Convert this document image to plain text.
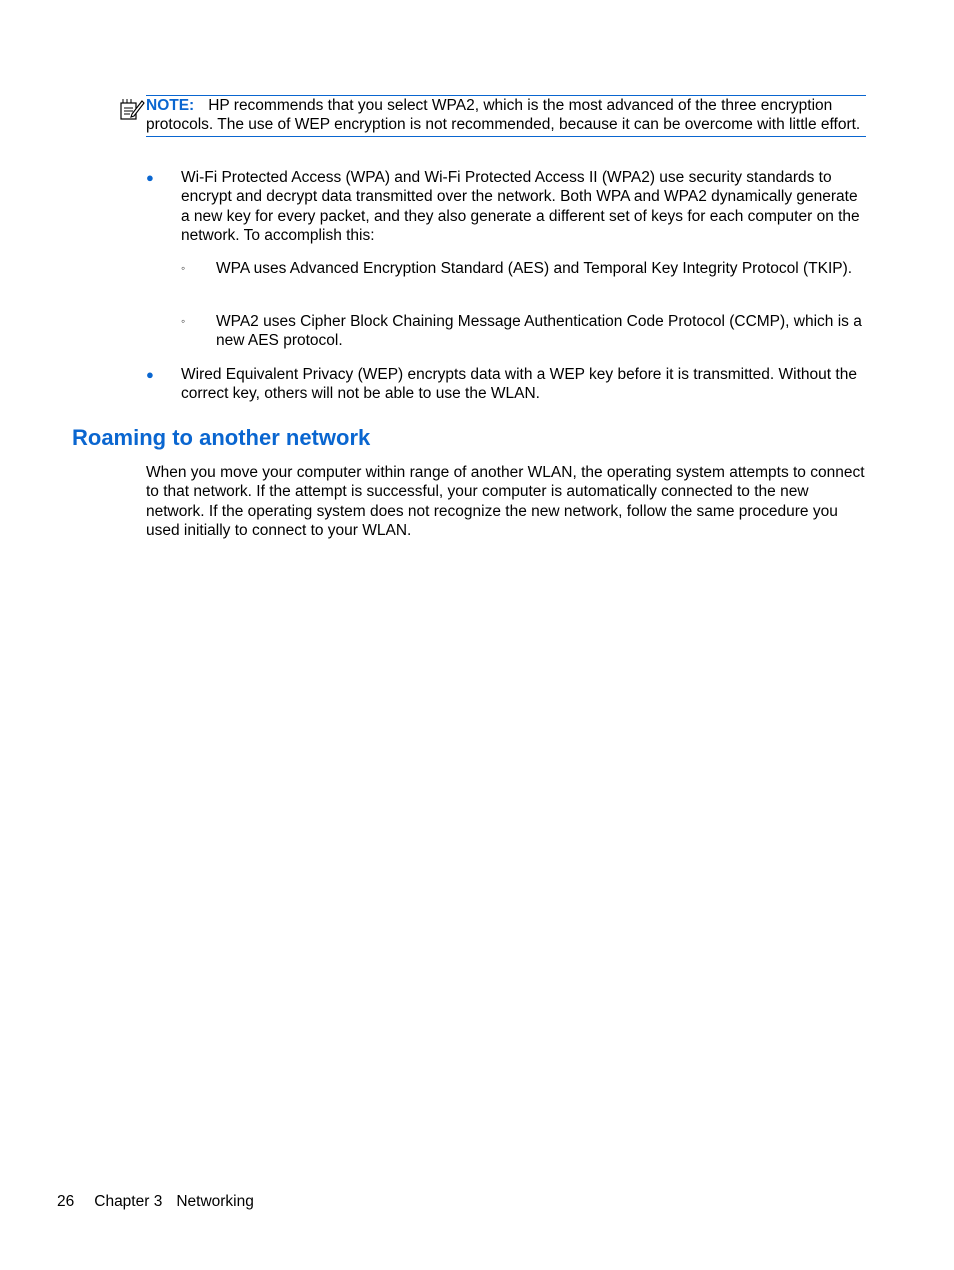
NOTE: HP recommends that you select WPA2, which is the most advanced of the three encryption protocols. The use of WEP encryption is not recommended, because it can be overcome with little effort.
● Wi-Fi Protected Access (WPA) and Wi-Fi Protected Access II (WPA2) use security standards to encrypt and decrypt data transmitted over the network. Both WPA and WPA2 dynamically generate a new key for every packet, and they also generate a different set of keys for each computer on the network. To accomplish this:
◦ WPA uses Advanced Encryption Standard (AES) and Temporal Key Integrity Protocol (TKIP).
◦ WPA2 uses Cipher Block Chaining Message Authentication Code Protocol (CCMP), which is a new AES protocol.
● Wired Equivalent Privacy (WEP) encrypts data with a WEP key before it is transmitted. Without the correct key, others will not be able to use the WLAN.
Roaming to another network
When you move your computer within range of another WLAN, the operating system attempts to connect to that network. If the attempt is successful, your computer is automatically connected to the new network. If the operating system does not recognize the new network, follow the same procedure you used initially to connect to your WLAN.
26 Chapter 3 Networking
